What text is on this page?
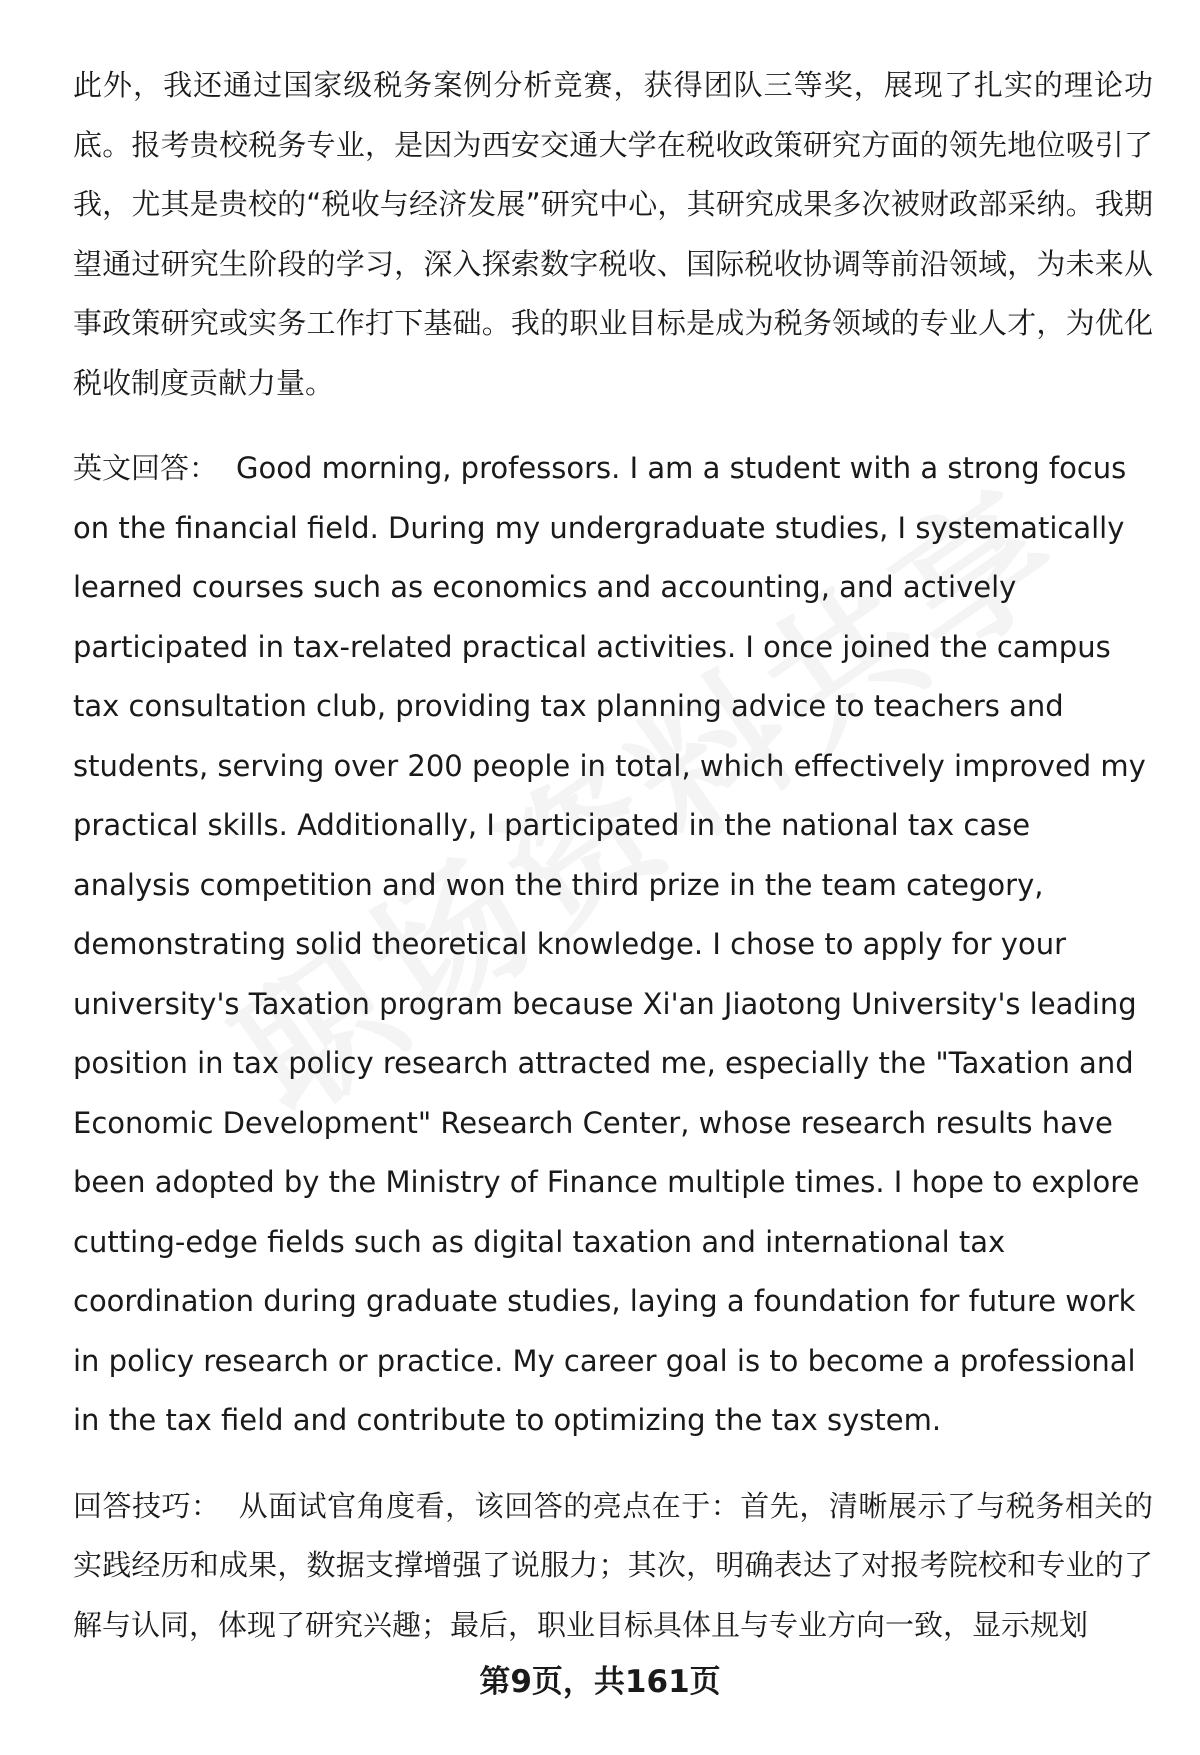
此外，我还通过国家级税务案例分析竞赛，获得团队三等奖，展现了扎实的理论功底。报考贵校税务专业，是因为西安交通大学在税收政策研究方面的领先地位吸引了我，尤其是贵校的“税收与经济发展”研究中心，其研究成果多次被财政部采纳。我期望通过研究生阶段的学习，深入探索数字税收、国际税收协调等前沿领域，为未来从事政策研究或实务工作打下基础。我的职业目标是成为税务领域的专业人才，为优化税收制度贡献力量。

英文回答： Good morning, professors. I am a student with a strong focus on the financial field. During my undergraduate studies, I systematically learned courses such as economics and accounting, and actively participated in tax-related practical activities. I once joined the campus tax consultation club, providing tax planning advice to teachers and students, serving over 200 people in total, which effectively improved my practical skills. Additionally, I participated in the national tax case analysis competition and won the third prize in the team category, demonstrating solid theoretical knowledge. I chose to apply for your university's Taxation program because Xi'an Jiaotong University's leading position in tax policy research attracted me, especially the "Taxation and Economic Development" Research Center, whose research results have been adopted by the Ministry of Finance multiple times. I hope to explore cutting-edge fields such as digital taxation and international tax coordination during graduate studies, laying a foundation for future work in policy research or practice. My career goal is to become a professional in the tax field and contribute to optimizing the tax system.

回答技巧： 从面试官角度看，该回答的亮点在于：首先，清晰展示了与税务相关的实践经历和成果，数据支撑增强了说服力；其次，明确表达了对报考院校和专业的了解与认同，体现了研究兴趣；最后，职业目标具体且与专业方向一致，显示规划

第9页，共161页
